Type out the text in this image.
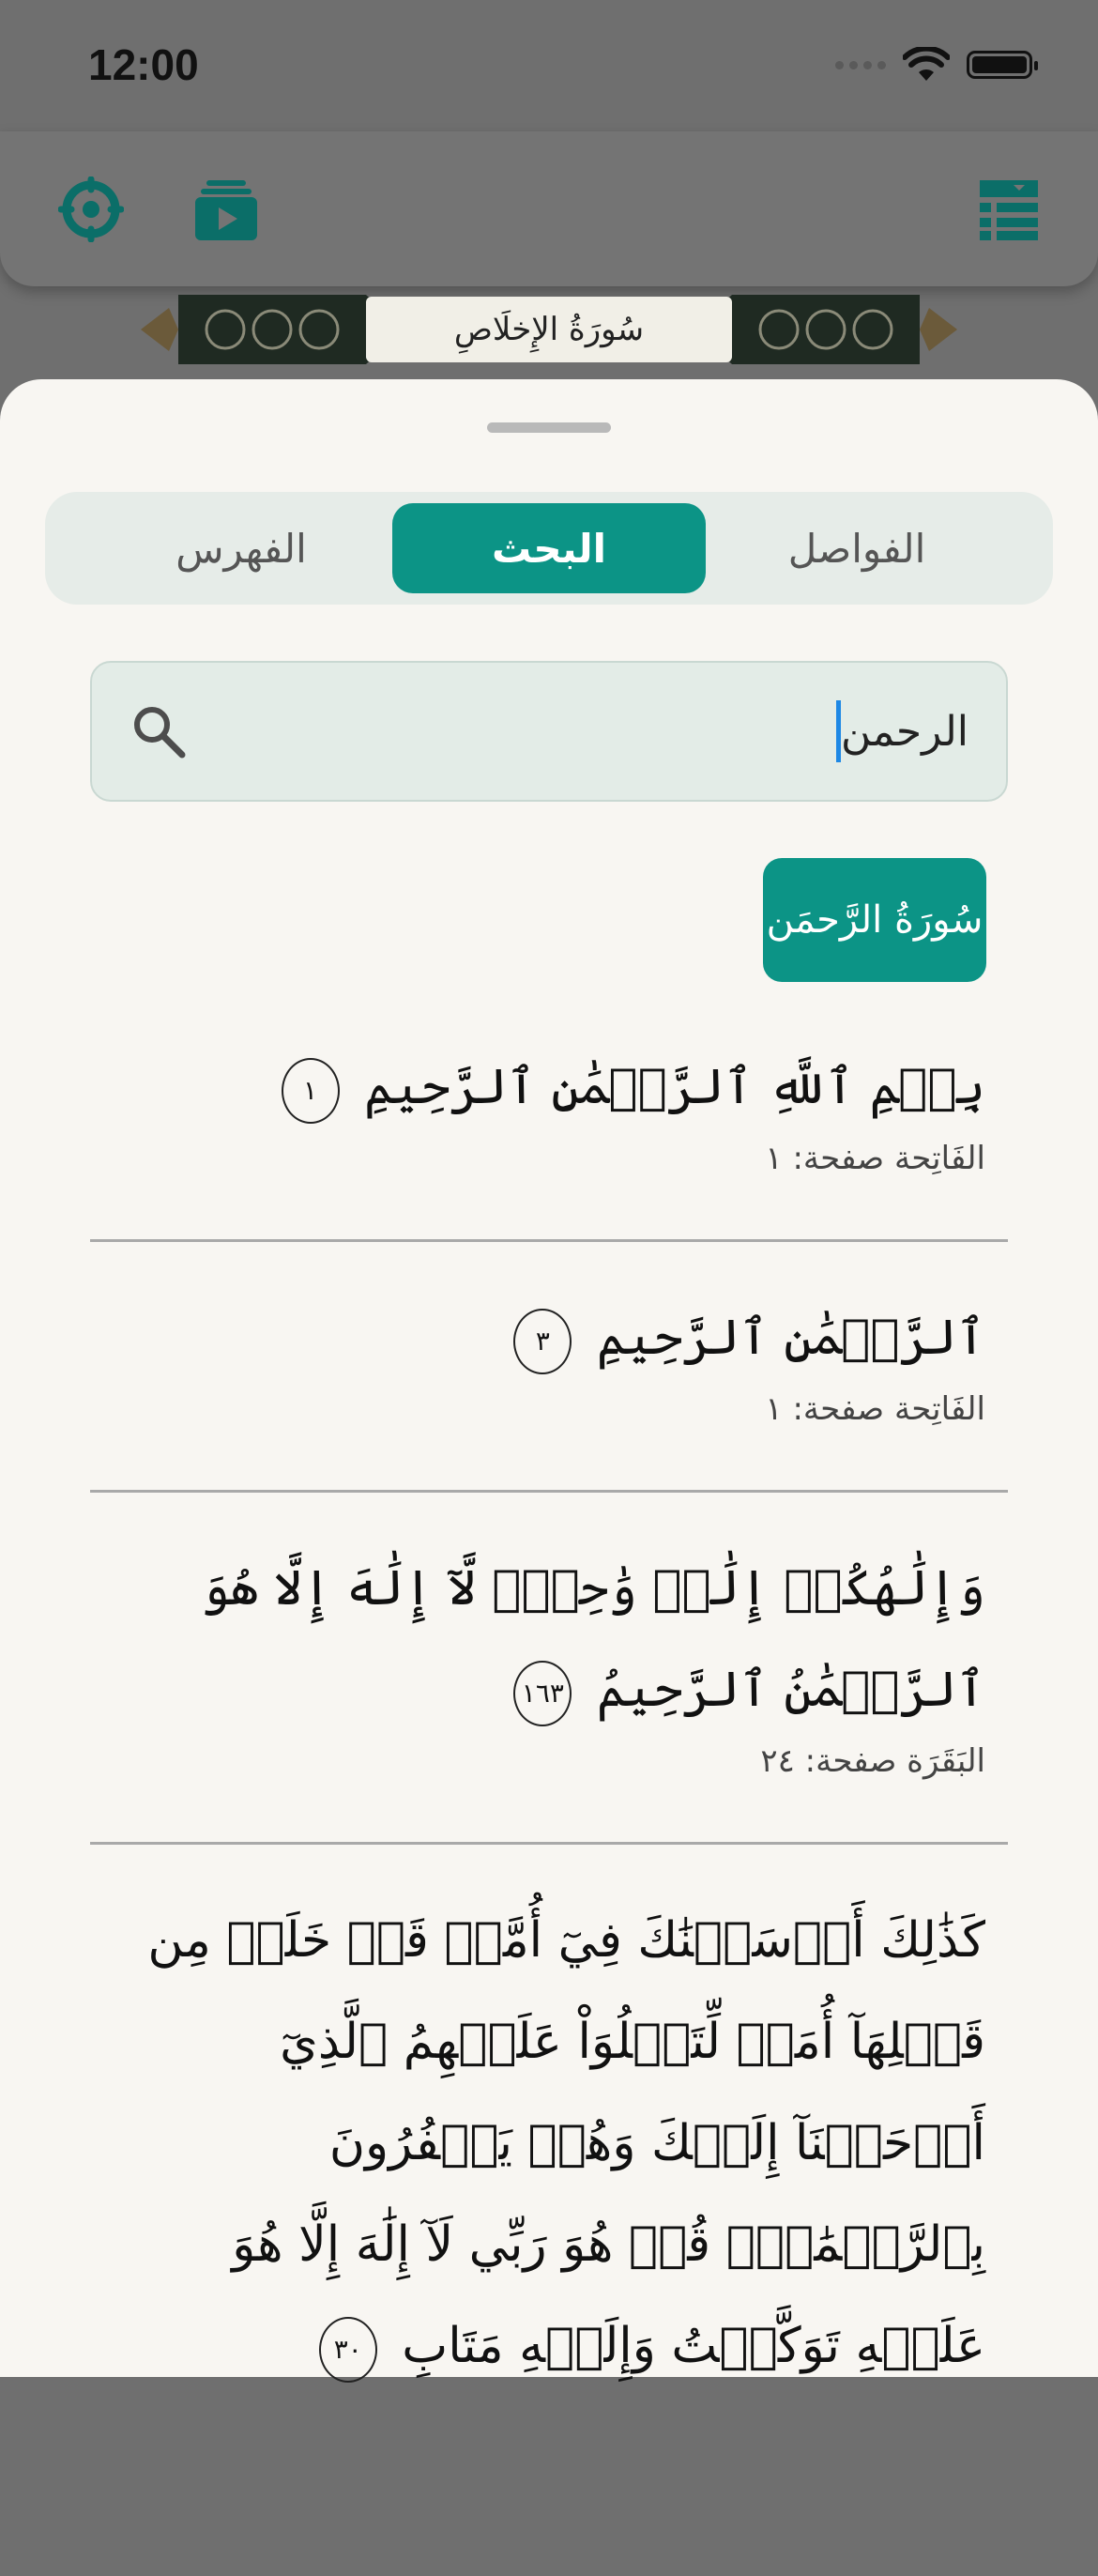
12:00
سُورَةُ الإِخلَاصِ
الفواصل
البحث
الفهرس
الرحمن
سُورَةُ الرَّحمَن
بِسۡمِ ٱللَّهِ ٱلرَّحۡمَٰنِ ٱلرَّحِيمِ ١
الفَاتِحة صفحة: ١
ٱلرَّحۡمَٰنِ ٱلرَّحِيمِ ٣
الفَاتِحة صفحة: ١
وَإِلَٰهُكُمۡ إِلَٰهٞ وَٰحِدٞۖ لَّآ إِلَٰهَ إِلَّا هُوَ ٱلرَّحۡمَٰنُ ٱلرَّحِيمُ ١٦٣
البَقَرَة صفحة: ٢٤
كَذَٰلِكَ أَرۡسَلۡنَٰكَ فِيٓ أُمَّةٖ قَدۡ خَلَتۡ مِن قَبۡلِهَآ أُمَمٞ لِّتَتۡلُوَاْ عَلَيۡهِمُ ٱلَّذِيٓ أَوۡحَيۡنَآ إِلَيۡكَ وَهُمۡ يَكۡفُرُونَ بِٱلرَّحۡمَٰنِۚ قُلۡ هُوَ رَبِّي لَآ إِلَٰهَ إِلَّا هُوَ عَلَيۡهِ تَوَكَّلۡتُ وَإِلَيۡهِ مَتَابِ ٣٠
